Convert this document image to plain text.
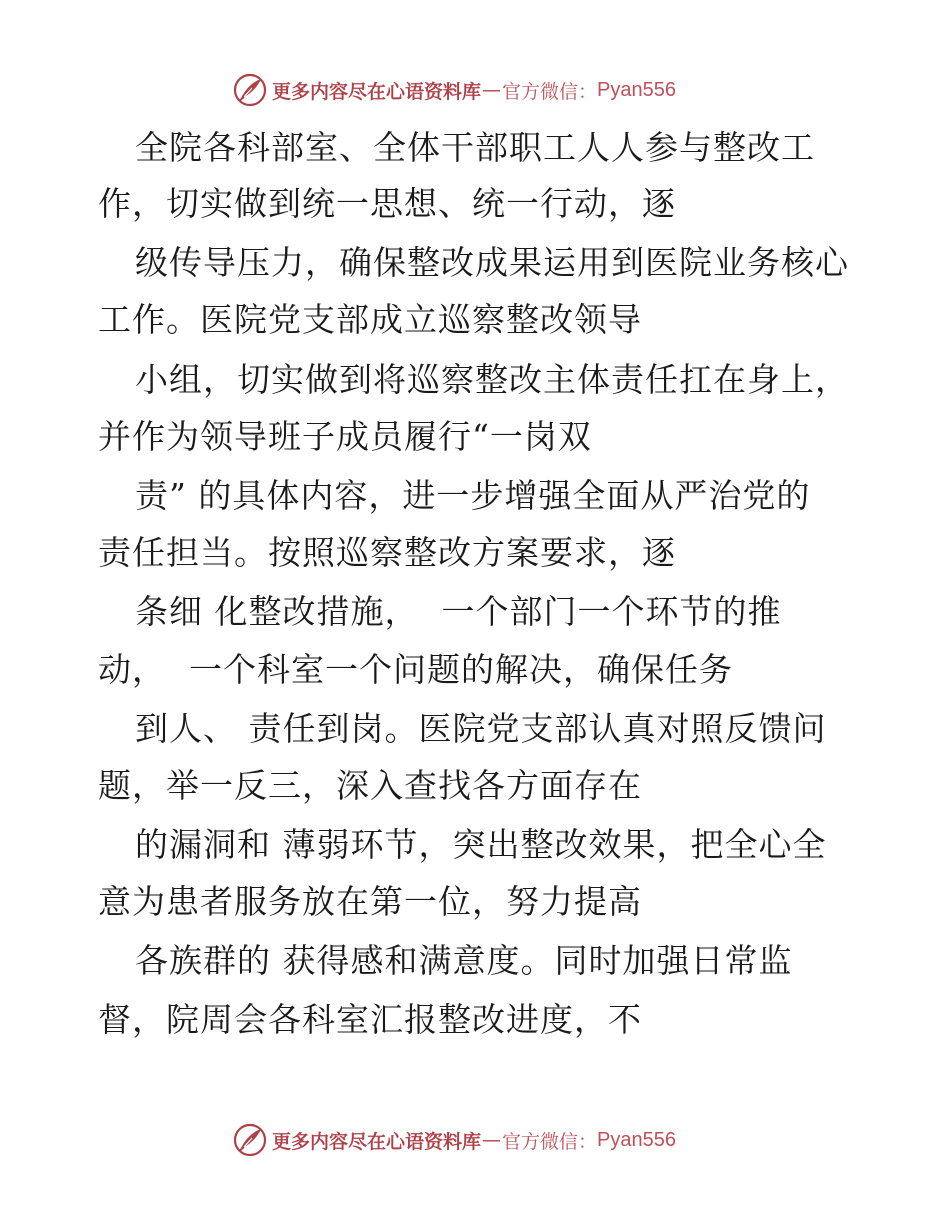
更多内容尽在心语资料库 — 官方微信： Pyan556
全院各科部室、全体干部职工人人参与整改工
作，切实做到统一思想、统一行动，逐
级传导压力，确保整改成果运用到医院业务核心
工作。医院党支部成立巡察整改领导
小组，切实做到将巡察整改主体责任扛在身上，
并作为领导班子成员履行“一岗双
责” 的具体内容，进一步增强全面从严治党的
责任担当。按照巡察整改方案要求，逐
条细 化整改措施，  一个部门一个环节的推
动，  一个科室一个问题的解决，确保任务
到人、 责任到岗。医院党支部认真对照反馈问
题，举一反三，深入查找各方面存在
的漏洞和 薄弱环节，突出整改效果，把全心全
意为患者服务放在第一位，努力提高
各族群的 获得感和满意度。同时加强日常监
督，院周会各科室汇报整改进度，不
更多内容尽在心语资料库 — 官方微信： Pyan556
